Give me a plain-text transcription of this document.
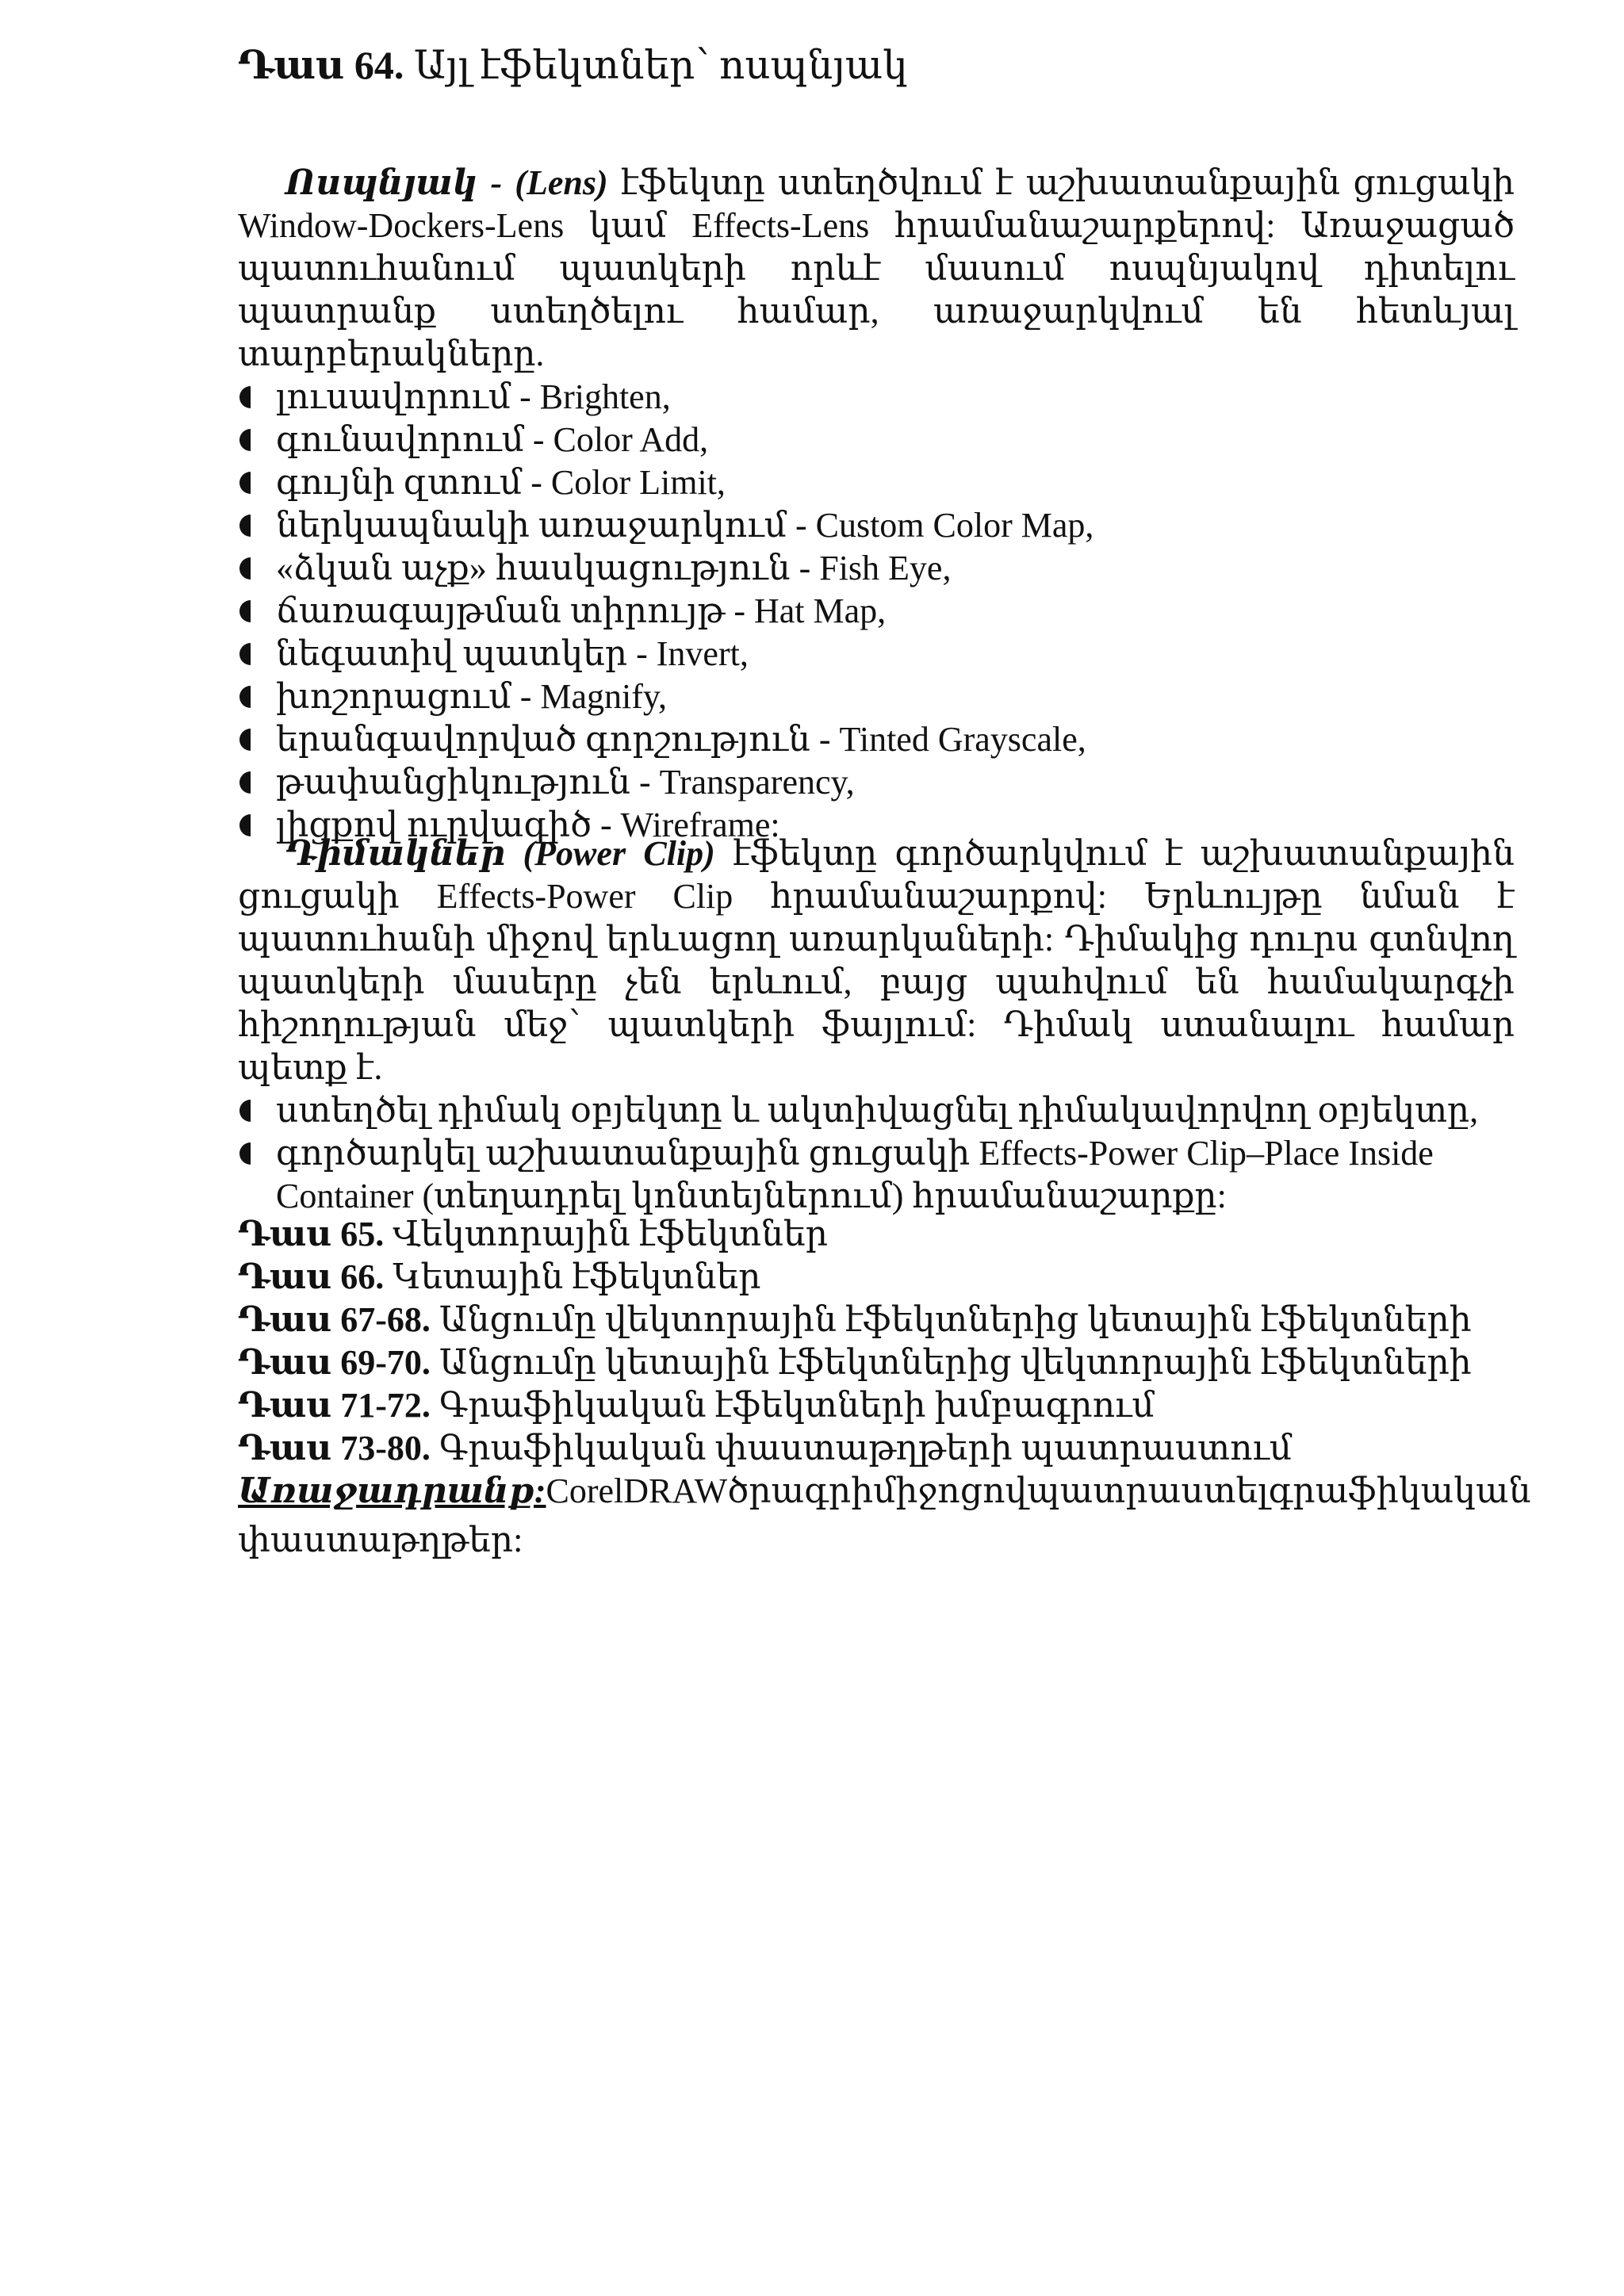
Դաս 64. Այլ էֆեկտներ՝ ոսպնյակ

Ոսպնյակ - (Lens) էֆեկտը ստեղծվում է աշխատանքային ցուցակի Window-Dockers-Lens կամ Effects-Lens հրամանաշարքերով: Առաջացած պատուհանում պատկերի որևէ մասում ոսպնյակով դիտելու պատրանք ստեղծելու համար, առաջարկվում են հետևյալ տարբերակները.

լուսավորում - Brighten,
գունավորում - Color Add,
գույնի զտում - Color Limit,
ներկապնակի առաջարկում - Custom Color Map,
«ձկան աչք» հասկացություն - Fish Eye,
ճառագայթման տիրույթ - Hat Map,
նեգատիվ պատկեր - Invert,
խոշորացում - Magnify,
երանգավորված գորշություն - Tinted Grayscale,
թափանցիկություն - Transparency,
լիցքով ուրվագիծ - Wireframe:

Դիմակներ (Power Clip) էֆեկտը գործարկվում է աշխատանքային ցուցակի Effects-Power Clip հրամանաշարքով: Երևույթը նման է պատուհանի միջով երևացող առարկաների: Դիմակից դուրս գտնվող պատկերի մասերը չեն երևում, բայց պահվում են համակարգչի հիշողության մեջ՝ պատկերի ֆայլում: Դիմակ ստանալու համար պետք է.

ստեղծել դիմակ օբյեկտը և ակտիվացնել դիմակավորվող օբյեկտը,
գործարկել աշխատանքային ցուցակի Effects-Power Clip–Place Inside Container (տեղադրել կոնտեյներում) հրամանաշարքը:
Դաս 65. Վեկտորային էֆեկտներ
Դաս 66. Կետային էֆեկտներ
Դաս 67-68. Անցումը վեկտորային էֆեկտներից կետային էֆեկտների
Դաս 69-70. Անցումը կետային էֆեկտներից վեկտորային էֆեկտների
Դաս 71-72. Գրաֆիկական էֆեկտների խմբագրում
Դաս 73-80. Գրաֆիկական փաստաթղթերի պատրաստում
Առաջադրանք: CorelDRAW ծրագրի միջոցով պատրաստել գրաֆիկական
փաստաթղթեր:
